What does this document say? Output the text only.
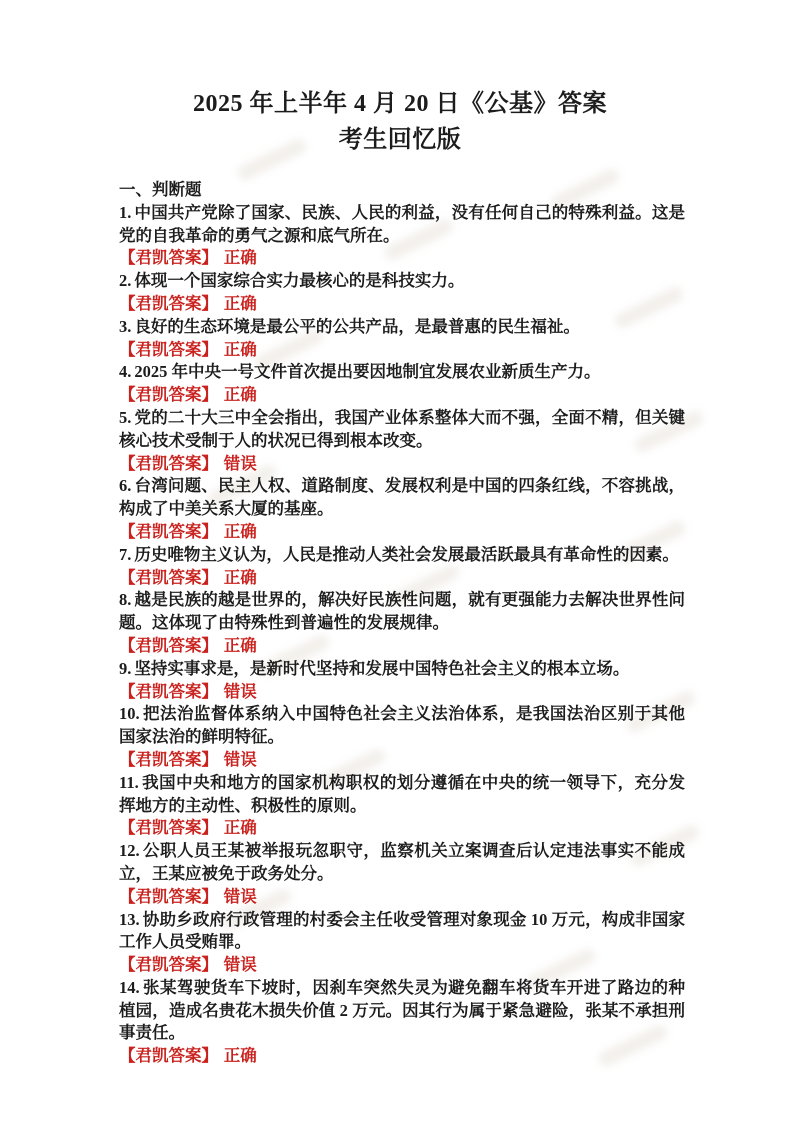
2025 年上半年 4 月 20 日《公基》答案

考生回忆版

一、判断题

1. 中国共产党除了国家、民族、人民的利益，没有任何自己的特殊利益。这是党的自我革命的勇气之源和底气所在。

【君凯答案】 正确

2. 体现一个国家综合实力最核心的是科技实力。

【君凯答案】 正确

3. 良好的生态环境是最公平的公共产品，是最普惠的民生福祉。

【君凯答案】 正确

4. 2025 年中央一号文件首次提出要因地制宜发展农业新质生产力。

【君凯答案】 正确

5. 党的二十大三中全会指出，我国产业体系整体大而不强，全面不精，但关键核心技术受制于人的状况已得到根本改变。

【君凯答案】 错误

6. 台湾问题、民主人权、道路制度、发展权利是中国的四条红线，不容挑战，构成了中美关系大厦的基座。

【君凯答案】 正确

7. 历史唯物主义认为，人民是推动人类社会发展最活跃最具有革命性的因素。

【君凯答案】 正确

8. 越是民族的越是世界的，解决好民族性问题，就有更强能力去解决世界性问题。这体现了由特殊性到普遍性的发展规律。

【君凯答案】 正确

9. 坚持实事求是，是新时代坚持和发展中国特色社会主义的根本立场。

【君凯答案】 错误

10. 把法治监督体系纳入中国特色社会主义法治体系，是我国法治区别于其他国家法治的鲜明特征。

【君凯答案】 错误

11. 我国中央和地方的国家机构职权的划分遵循在中央的统一领导下，充分发挥地方的主动性、积极性的原则。

【君凯答案】 正确

12. 公职人员王某被举报玩忽职守，监察机关立案调查后认定违法事实不能成立，王某应被免于政务处分。

【君凯答案】 错误

13. 协助乡政府行政管理的村委会主任收受管理对象现金 10 万元，构成非国家工作人员受贿罪。

【君凯答案】 错误

14. 张某驾驶货车下坡时，因刹车突然失灵为避免翻车将货车开进了路边的种植园，造成名贵花木损失价值 2 万元。因其行为属于紧急避险，张某不承担刑事责任。

【君凯答案】 正确
